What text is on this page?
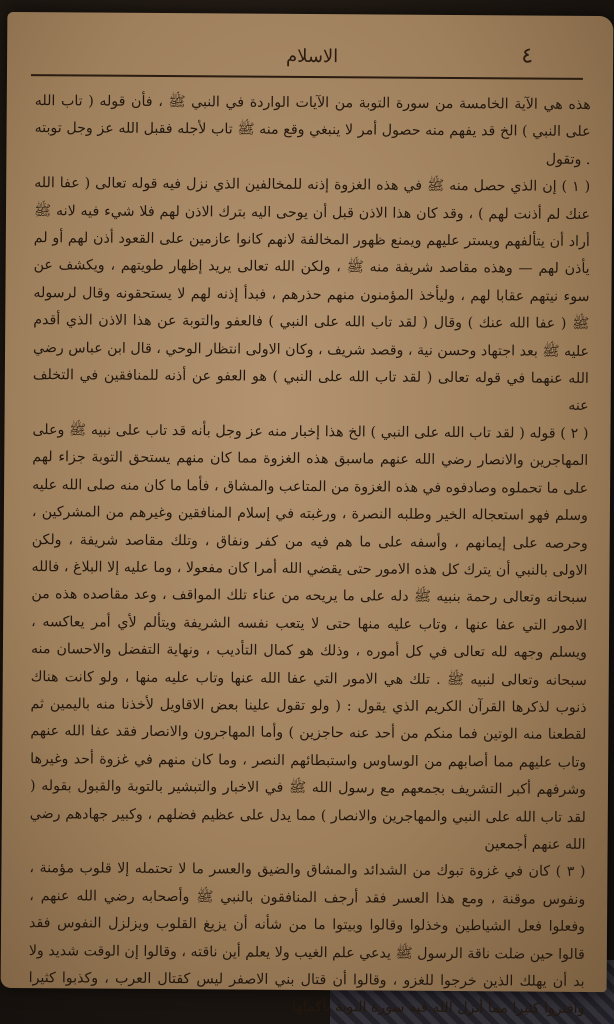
الاسلام	٤

هذه هي الآية الخامسة من سورة التوبة من الآيات الواردة في النبي ﷺ ، فأن قوله ( تاب الله على النبي ) الخ قد يفهم منه حصول أمر لا ينبغي وقع منه ﷺ تاب لأجله فقبل الله عز وجل توبته . وتقول

( ١ ) إن الذي حصل منه ﷺ في هذه الغزوة إذنه للمخالفين الذي نزل فيه قوله تعالى ( عفا الله عنك لم أذنت لهم ) ، وقد كان هذا الاذن قبل أن يوحى اليه بترك الاذن لهم فلا شيء فيه لانه ﷺ أراد أن يتألفهم ويستر عليهم ويمنع ظهور المخالفة لانهم كانوا عازمين على القعود أذن لهم أو لم يأذن لهم — وهذه مقاصد شريفة منه ﷺ ، ولكن الله تعالى يريد إظهار طويتهم ، ويكشف عن سوء نيتهم عقابا لهم ، وليأخذ المؤمنون منهم حذرهم ، فبدأ إذنه لهم لا يستحقونه وقال لرسوله ﷺ ( عفا الله عنك ) وقال ( لقد تاب الله على النبي ) فالعفو والتوبة عن هذا الاذن الذي أقدم عليه ﷺ بعد اجتهاد وحسن نية ، وقصد شريف ، وكان الاولى انتظار الوحي ، قال ابن عباس رضي الله عنهما في قوله تعالى ( لقد تاب الله على النبي ) هو العفو عن أذنه للمنافقين في التخلف عنه

( ٢ ) قوله ( لقد تاب الله على النبي ) الخ هذا إخبار منه عز وجل بأنه قد تاب على نبيه ﷺ وعلى المهاجرين والانصار رضي الله عنهم ماسبق هذه الغزوة مما كان منهم يستحق التوبة جزاء لهم على ما تحملوه وصادفوه في هذه الغزوة من المتاعب والمشاق ، فأما ما كان منه صلى الله عليه وسلم فهو استعجاله الخير وطلبه النصرة ، ورغبته في إسلام المنافقين وغيرهم من المشركين ، وحرصه على إيمانهم ، وأسفه على ما هم فيه من كفر ونفاق ، وتلك مقاصد شريفة ، ولكن الاولى بالنبي أن يترك كل هذه الامور حتى يقضي الله أمرا كان مفعولا ، وما عليه إلا البلاغ ، فالله سبحانه وتعالى رحمة بنبيه ﷺ دله على ما يريحه من عناء تلك المواقف ، وعد مقاصده هذه من الامور التي عفا عنها ، وتاب عليه منها حتى لا يتعب نفسه الشريفة ويتألم لأي أمر يعاكسه ، ويسلم وجهه لله تعالى في كل أموره ، وذلك هو كمال التأديب ، ونهاية التفضل والاحسان منه سبحانه وتعالى لنبيه ﷺ . تلك هي الامور التي عفا الله عنها وتاب عليه منها ، ولو كانت هناك ذنوب لذكرها القرآن الكريم الذي يقول : ( ولو تقول علينا بعض الاقاويل لأخذنا منه باليمين ثم لقطعنا منه الوتين فما منكم من أحد عنه حاجزين ) وأما المهاجرون والانصار فقد عفا الله عنهم وتاب عليهم مما أصابهم من الوساوس واستبطائهم النصر ، وما كان منهم في غزوة أحد وغيرها وشرفهم أكبر التشريف بجمعهم مع رسول الله ﷺ في الاخبار والتبشير بالتوبة والقبول بقوله ( لقد تاب الله على النبي والمهاجرين والانصار ) مما يدل على عظيم فضلهم ، وكبير جهادهم رضي الله عنهم أجمعين

( ٣ ) كان في غزوة تبوك من الشدائد والمشاق والضيق والعسر ما لا تحتمله إلا قلوب مؤمنة ، ونفوس موقنة ، ومع هذا العسر فقد أرجف المنافقون بالنبي ﷺ وأصحابه رضي الله عنهم ، وفعلوا فعل الشياطين وخذلوا وقالوا وبيتوا ما من شأنه أن يزيغ القلوب ويزلزل النفوس فقد قالوا حين ضلت ناقة الرسول ﷺ يدعي علم الغيب ولا يعلم أين ناقته ، وقالوا إن الوقت شديد ولا بد أن يهلك الذين خرجوا للغزو ، وقالوا أن قتال بني الاصفر ليس كقتال العرب ، وكذبوا كثيرا وافتروا كثيرا مما أنزل الله فيه سورة التوبة بأكملها
